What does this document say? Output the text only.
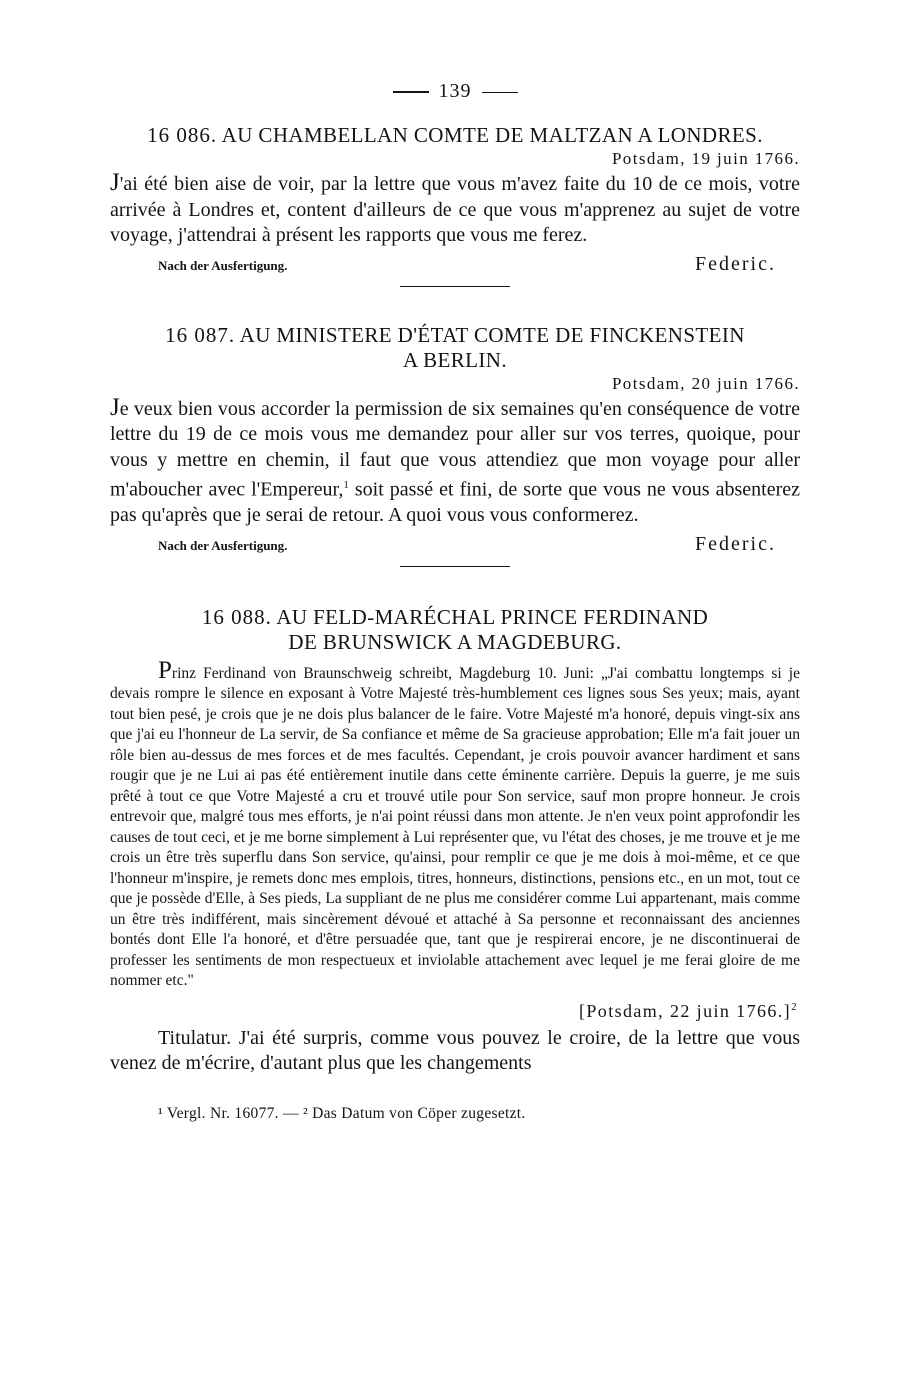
139
16 086. AU CHAMBELLAN COMTE DE MALTZAN A LONDRES.
Potsdam, 19 juin 1766.

J'ai été bien aise de voir, par la lettre que vous m'avez faite du 10 de ce mois, votre arrivée à Londres et, content d'ailleurs de ce que vous m'apprenez au sujet de votre voyage, j'attendrai à présent les rapports que vous me ferez.

Nach der Ausfertigung.	Federic.
16 087. AU MINISTERE D'ÉTAT COMTE DE FINCKENSTEIN
A BERLIN.
Potsdam, 20 juin 1766.

Je veux bien vous accorder la permission de six semaines qu'en conséquence de votre lettre du 19 de ce mois vous me demandez pour aller sur vos terres, quoique, pour vous y mettre en chemin, il faut que vous attendiez que mon voyage pour aller m'aboucher avec l'Empereur,$^1$ soit passé et fini, de sorte que vous ne vous absenterez pas qu'après que je serai de retour. A quoi vous vous conformerez.

Nach der Ausfertigung.	Federic.
16 088. AU FELD-MARÉCHAL PRINCE FERDINAND
DE BRUNSWICK A MAGDEBURG.

Prinz Ferdinand von Braunschweig schreibt, Magdeburg 10. Juni: „J'ai combattu longtemps si je devais rompre le silence en exposant à Votre Majesté très-humblement ces lignes sous Ses yeux; mais, ayant tout bien pesé, je crois que je ne dois plus balancer de le faire. Votre Majesté m'a honoré, depuis vingt-six ans que j'ai eu l'honneur de La servir, de Sa confiance et même de Sa gracieuse approbation; Elle m'a fait jouer un rôle bien au-dessus de mes forces et de mes facultés. Cependant, je crois pouvoir avancer hardiment et sans rougir que je ne Lui ai pas été entièrement inutile dans cette éminente carrière. Depuis la guerre, je me suis prêté à tout ce que Votre Majesté a cru et trouvé utile pour Son service, sauf mon propre honneur. Je crois entrevoir que, malgré tous mes efforts, je n'ai point réussi dans mon attente. Je n'en veux point approfondir les causes de tout ceci, et je me borne simplement à Lui représenter que, vu l'état des choses, je me trouve et je me crois un être très superflu dans Son service, qu'ainsi, pour remplir ce que je me dois à moi-même, et ce que l'honneur m'inspire, je remets donc mes emplois, titres, honneurs, distinctions, pensions etc., en un mot, tout ce que je possède d'Elle, à Ses pieds, La suppliant de ne plus me considérer comme Lui appartenant, mais comme un être très indifférent, mais sincèrement dévoué et attaché à Sa personne et reconnaissant des anciennes bontés dont Elle l'a honoré, et d'être persuadée que, tant que je respirerai encore, je ne discontinuerai de professer les sentiments de mon respectueux et inviolable attachement avec lequel je me ferai gloire de me nommer etc."

[Potsdam, 22 juin 1766.]$^2$

Titulatur. J'ai été surpris, comme vous pouvez le croire, de la lettre que vous venez de m'écrire, d'autant plus que les changements

¹ Vergl. Nr. 16077. — ² Das Datum von Cöper zugesetzt.
